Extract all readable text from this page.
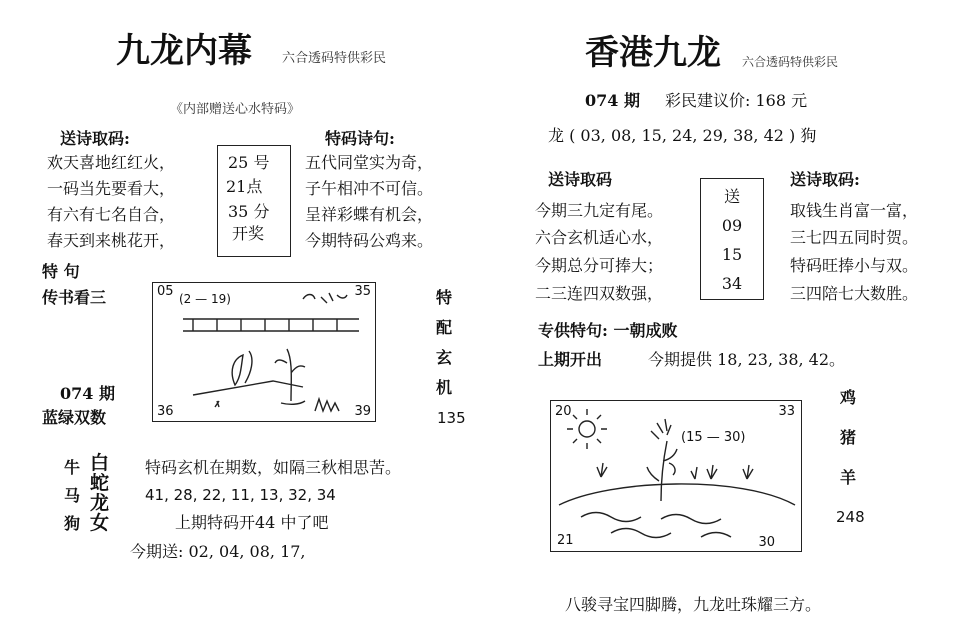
九龙内幕 六合透码特供彩民
《内部赠送心水特码》
送诗取码:
欢天喜地红红火，
一码当先要看大，
有六有七名自合，
春天到来桃花开，
25 号
21点
35 分
开奖
特码诗句:
五代同堂实为奇，
子午相冲不可信。
呈祥彩蝶有机会，
今期特码公鸡来。
特 句
传书看三	05	35
36	39
(2 — 19)	特
配
玄
机
135
074 期
蓝绿双数
牛
马
狗
白
蛇
龙
女
特码玄机在期数，如隔三秋相思苦。
41, 28, 22, 11, 13, 32, 34
上期特码开44 中了吧
今期送: 02, 04, 08, 17,
香港九龙 六合透码特供彩民
074 期 彩民建议价: 168 元
龙 ( 03, 08, 15, 24, 29, 38, 42 ) 狗
送诗取码
今期三九定有尾。
六合玄机适心水，
今期总分可捧大；
二三连四双数强，
送
09
15
34
送诗取码:
取钱生肖富一富，
三七四五同时贺。
特码旺捧小与双。
三四陪七大数胜。
专供特句: 一朝成败
上期开出	今期提供 18, 23, 38, 42。
20	33
21	30
(15 — 30)
鸡
猪
羊
248
八骏寻宝四脚腾，九龙吐珠耀三方。
